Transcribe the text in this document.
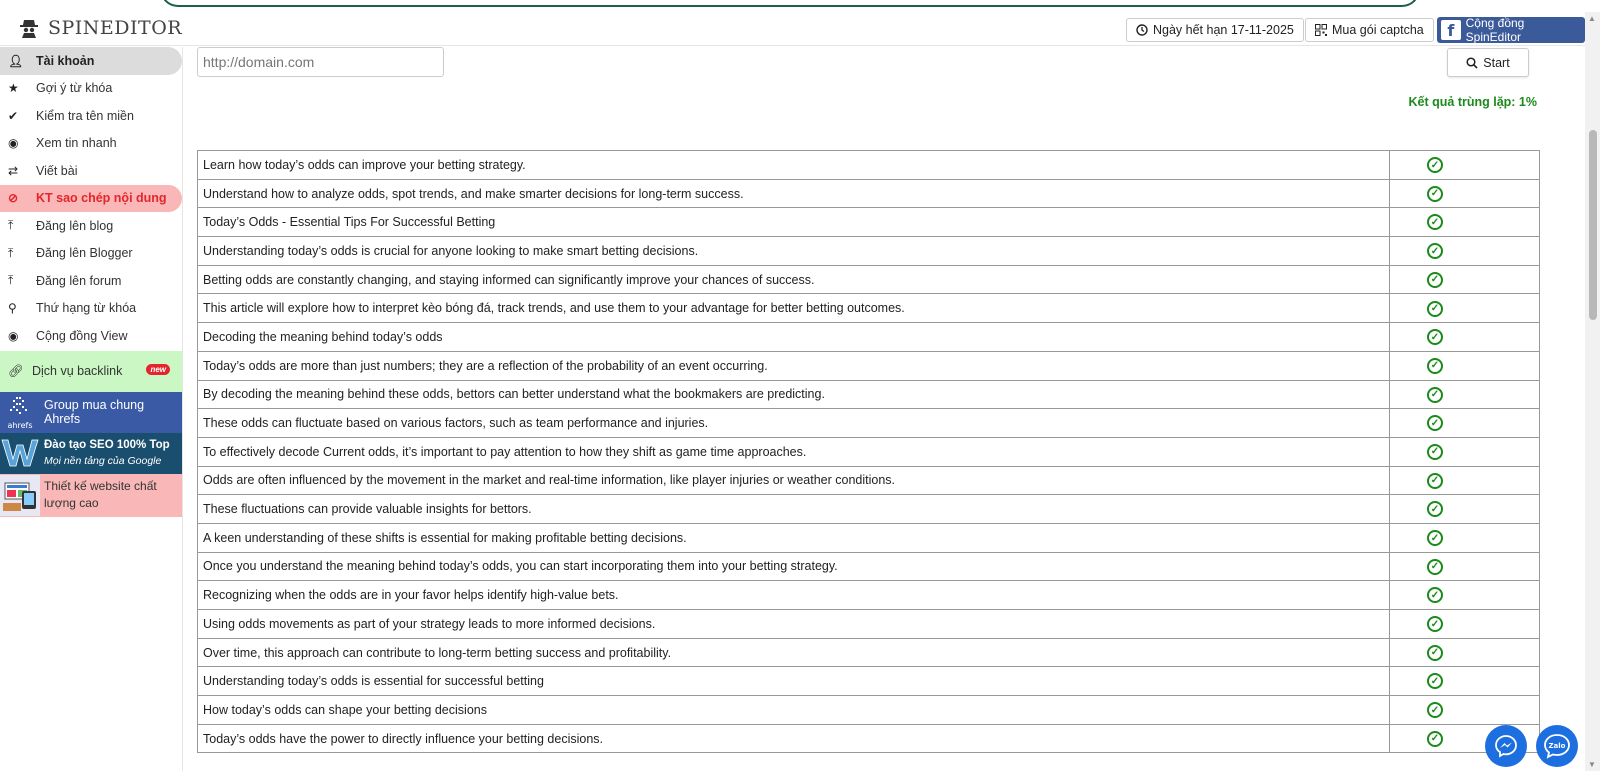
SPINEDITOR	Ngày hết hạn 17-11-2025	Mua gói captcha	f Cộng đồng SpinEditor
👤︎	Tài khoản
★	Gợi ý từ khóa
✔	Kiểm tra tên miền
◉	Xem tin nhanh
⇄	Viết bài
⊘	KT sao chép nội dung
⤒	Đăng lên blog
⤒	Đăng lên Blogger
⤒	Đăng lên forum
⚲	Thứ hạng từ khóa
◉	Cộng đồng View
🔗︎ Dịch vụ backlink	new
ahrefs
Group mua chung Ahrefs
Đào tạo SEO 100% Top
Mọi nền tảng của Google
Thiết kế website chất lượng cao
http://domain.com
Start
Kết quả trùng lặp: 1%
Learn how today’s odds can improve your betting strategy.	✓
Understand how to analyze odds, spot trends, and make smarter decisions for long-term success.	✓
Today’s Odds - Essential Tips For Successful Betting	✓
Understanding today’s odds is crucial for anyone looking to make smart betting decisions.	✓
Betting odds are constantly changing, and staying informed can significantly improve your chances of success.	✓
This article will explore how to interpret kèo bóng đá, track trends, and use them to your advantage for better betting outcomes.	✓
Decoding the meaning behind today’s odds	✓
Today’s odds are more than just numbers; they are a reflection of the probability of an event occurring.	✓
By decoding the meaning behind these odds, bettors can better understand what the bookmakers are predicting.	✓
These odds can fluctuate based on various factors, such as team performance and injuries.	✓
To effectively decode Current odds, it’s important to pay attention to how they shift as game time approaches.	✓
Odds are often influenced by the movement in the market and real-time information, like player injuries or weather conditions.	✓
These fluctuations can provide valuable insights for bettors.	✓
A keen understanding of these shifts is essential for making profitable betting decisions.	✓
Once you understand the meaning behind today’s odds, you can start incorporating them into your betting strategy.	✓
Recognizing when the odds are in your favor helps identify high-value bets.	✓
Using odds movements as part of your strategy leads to more informed decisions.	✓
Over time, this approach can contribute to long-term betting success and profitability.	✓
Understanding today’s odds is essential for successful betting	✓
How today’s odds can shape your betting decisions	✓
Today’s odds have the power to directly influence your betting decisions.	✓
▲
▼
Zalo
